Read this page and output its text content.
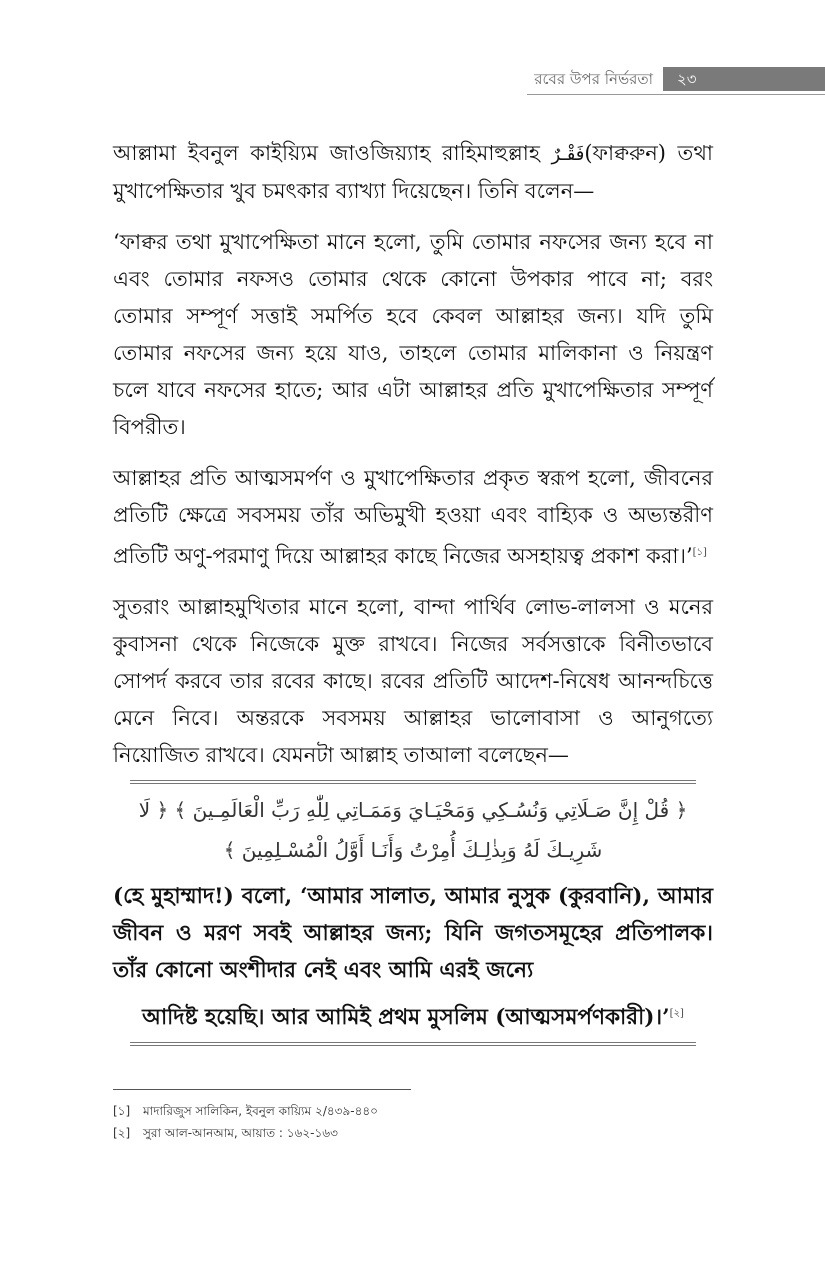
রবের উপর নির্ভরতা	২৩

আল্লামা ইবনুল কাইয়্যিম জাওজিয়্যাহ রাহিমাহুল্লাহ فَقْـرٌ(ফাক্বরুন) তথা মুখাপেক্ষিতার খুব চমৎকার ব্যাখ্যা দিয়েছেন। তিনি বলেন—

‘ফাক্বর তথা মুখাপেক্ষিতা মানে হলো, তুমি তোমার নফসের জন্য হবে না এবং তোমার নফসও তোমার থেকে কোনো উপকার পাবে না; বরং তোমার সম্পূর্ণ সত্তাই সমর্পিত হবে কেবল আল্লাহর জন্য। যদি তুমি তোমার নফসের জন্য হয়ে যাও, তাহলে তোমার মালিকানা ও নিয়ন্ত্রণ চলে যাবে নফসের হাতে; আর এটা আল্লাহর প্রতি মুখাপেক্ষিতার সম্পূর্ণ বিপরীত।

আল্লাহর প্রতি আত্মসমর্পণ ও মুখাপেক্ষিতার প্রকৃত স্বরূপ হলো, জীবনের প্রতিটি ক্ষেত্রে সবসময় তাঁর অভিমুখী হওয়া এবং বাহ্যিক ও অভ্যন্তরীণ প্রতিটি অণু-পরমাণু দিয়ে আল্লাহর কাছে নিজের অসহায়ত্ব প্রকাশ করা।’[১]

সুতরাং আল্লাহমুখিতার মানে হলো, বান্দা পার্থিব লোভ-লালসা ও মনের কুবাসনা থেকে নিজেকে মুক্ত রাখবে। নিজের সর্বসত্তাকে বিনীতভাবে সোপর্দ করবে তার রবের কাছে। রবের প্রতিটি আদেশ-নিষেধ আনন্দচিত্তে মেনে নিবে। অন্তরকে সবসময় আল্লাহর ভালোবাসা ও আনুগত্যে নিয়োজিত রাখবে। যেমনটা আল্লাহ তাআলা বলেছেন—

﴿ قُلْ إِنَّ صَـلَاتِي وَنُسُـكِي وَمَحْيَـايَ وَمَمَـاتِي لِلّٰهِ رَبِّ الْعَالَمِـينَ ﴾ ﴿ لَا
شَرِيـكَ لَهُ وَبِذٰلِـكَ أُمِرْتُ وَأَنَـا أَوَّلُ الْمُسْـلِمِينَ ﴾
(হে মুহাম্মাদ!) বলো, ‘আমার সালাত, আমার নুসুক (কুরবানি), আমার জীবন ও মরণ সবই আল্লাহর জন্য; যিনি জগতসমূহের প্রতিপালক। তাঁর কোনো অংশীদার নেই এবং আমি এরই জন্যে
আদিষ্ট হয়েছি। আর আমিই প্রথম মুসলিম (আত্মসমর্পণকারী)।’[২]
[১] মাদারিজুস সালিকিন, ইবনুল কায়্যিম ২/৪৩৯-৪৪০
[২] সুরা আল-আনআম, আয়াত : ১৬২-১৬৩
